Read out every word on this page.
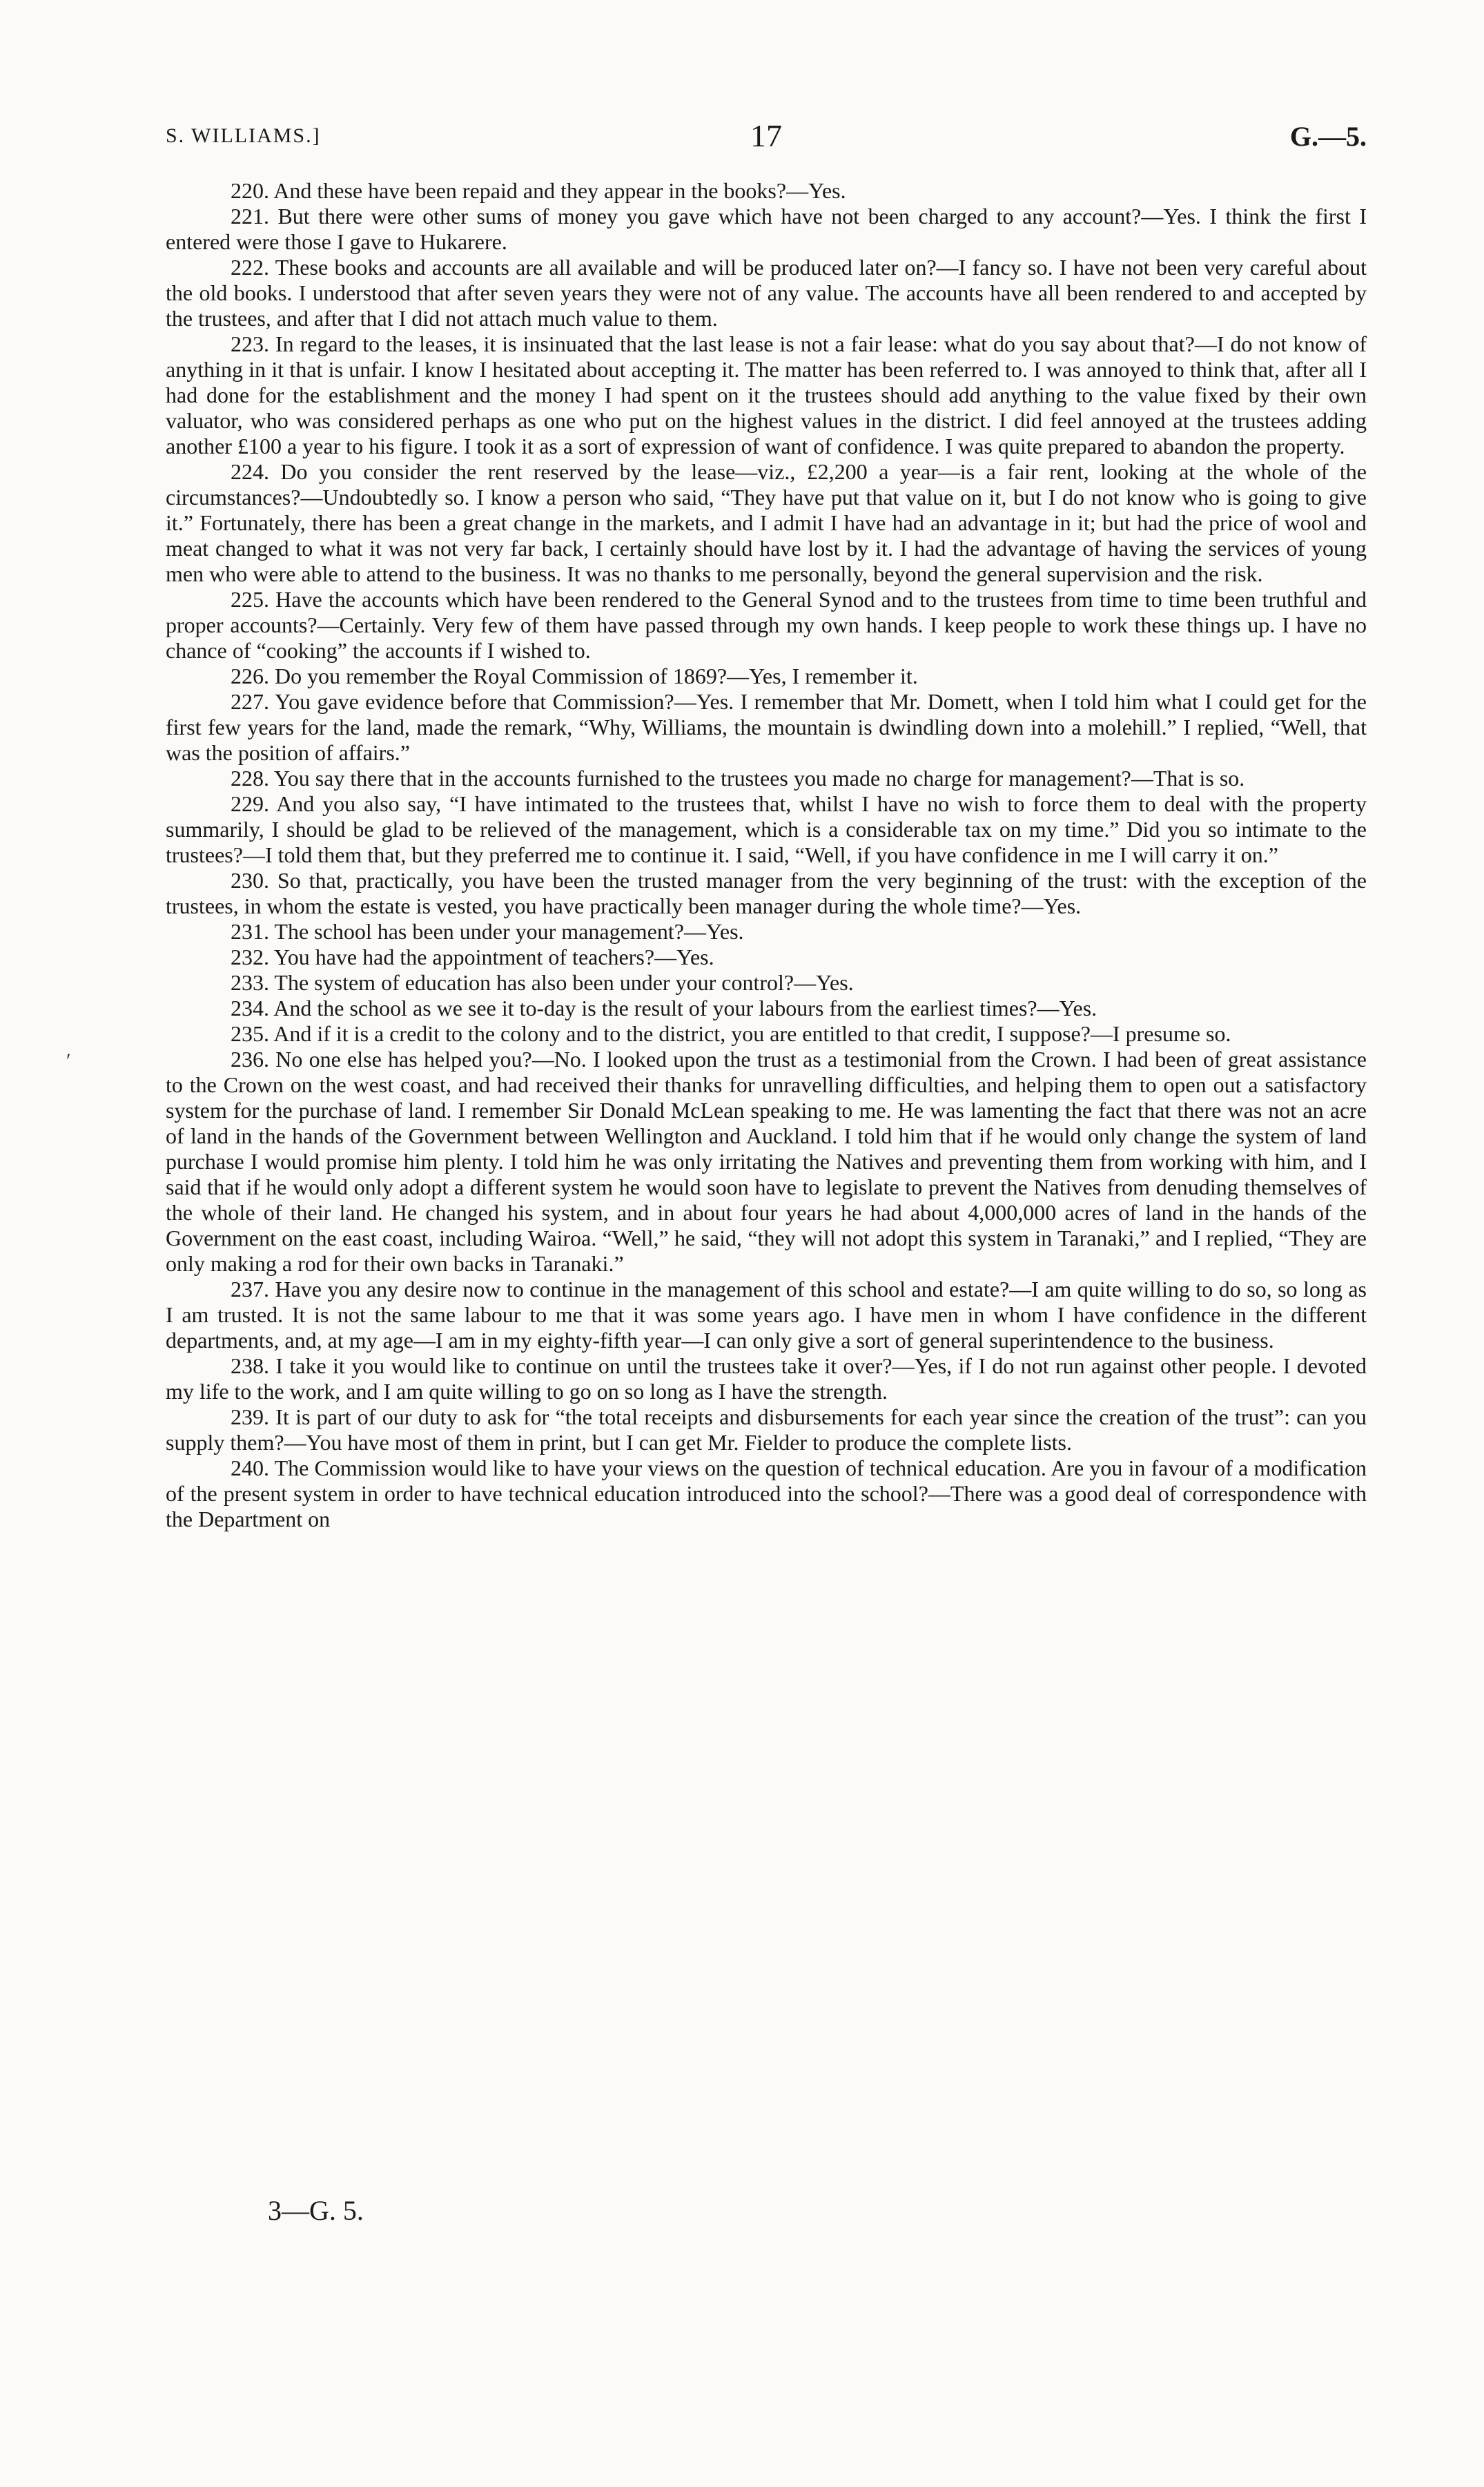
S. WILLIAMS.]	17	G.—5.

220. And these have been repaid and they appear in the books?—Yes.

221. But there were other sums of money you gave which have not been charged to any account?—Yes. I think the first I entered were those I gave to Hukarere.

222. These books and accounts are all available and will be produced later on?—I fancy so. I have not been very careful about the old books. I understood that after seven years they were not of any value. The accounts have all been rendered to and accepted by the trustees, and after that I did not attach much value to them.

223. In regard to the leases, it is insinuated that the last lease is not a fair lease: what do you say about that?—I do not know of anything in it that is unfair. I know I hesitated about accepting it. The matter has been referred to. I was annoyed to think that, after all I had done for the establishment and the money I had spent on it the trustees should add anything to the value fixed by their own valuator, who was considered perhaps as one who put on the highest values in the district. I did feel annoyed at the trustees adding another £100 a year to his figure. I took it as a sort of expression of want of confidence. I was quite prepared to abandon the property.

224. Do you consider the rent reserved by the lease—viz., £2,200 a year—is a fair rent, looking at the whole of the circumstances?—Undoubtedly so. I know a person who said, “They have put that value on it, but I do not know who is going to give it.” Fortunately, there has been a great change in the markets, and I admit I have had an advantage in it; but had the price of wool and meat changed to what it was not very far back, I certainly should have lost by it. I had the advantage of having the services of young men who were able to attend to the business. It was no thanks to me personally, beyond the general supervision and the risk.

225. Have the accounts which have been rendered to the General Synod and to the trustees from time to time been truthful and proper accounts?—Certainly. Very few of them have passed through my own hands. I keep people to work these things up. I have no chance of “cooking” the accounts if I wished to.

226. Do you remember the Royal Commission of 1869?—Yes, I remember it.

227. You gave evidence before that Commission?—Yes. I remember that Mr. Domett, when I told him what I could get for the first few years for the land, made the remark, “Why, Williams, the mountain is dwindling down into a molehill.” I replied, “Well, that was the position of affairs.”

228. You say there that in the accounts furnished to the trustees you made no charge for management?—That is so.

229. And you also say, “I have intimated to the trustees that, whilst I have no wish to force them to deal with the property summarily, I should be glad to be relieved of the management, which is a considerable tax on my time.” Did you so intimate to the trustees?—I told them that, but they preferred me to continue it. I said, “Well, if you have confidence in me I will carry it on.”

230. So that, practically, you have been the trusted manager from the very beginning of the trust: with the exception of the trustees, in whom the estate is vested, you have practically been manager during the whole time?—Yes.

231. The school has been under your management?—Yes.

232. You have had the appointment of teachers?—Yes.

233. The system of education has also been under your control?—Yes.

234. And the school as we see it to-day is the result of your labours from the earliest times?—Yes.

235. And if it is a credit to the colony and to the district, you are entitled to that credit, I suppose?—I presume so.

236. No one else has helped you?—No. I looked upon the trust as a testimonial from the Crown. I had been of great assistance to the Crown on the west coast, and had received their thanks for unravelling difficulties, and helping them to open out a satisfactory system for the purchase of land. I remember Sir Donald McLean speaking to me. He was lamenting the fact that there was not an acre of land in the hands of the Government between Wellington and Auckland. I told him that if he would only change the system of land purchase I would promise him plenty. I told him he was only irritating the Natives and preventing them from working with him, and I said that if he would only adopt a different system he would soon have to legislate to prevent the Natives from denuding themselves of the whole of their land. He changed his system, and in about four years he had about 4,000,000 acres of land in the hands of the Government on the east coast, including Wairoa. “Well,” he said, “they will not adopt this system in Taranaki,” and I replied, “They are only making a rod for their own backs in Taranaki.”

237. Have you any desire now to continue in the management of this school and estate?—I am quite willing to do so, so long as I am trusted. It is not the same labour to me that it was some years ago. I have men in whom I have confidence in the different departments, and, at my age—I am in my eighty-fifth year—I can only give a sort of general superintendence to the business.

238. I take it you would like to continue on until the trustees take it over?—Yes, if I do not run against other people. I devoted my life to the work, and I am quite willing to go on so long as I have the strength.

239. It is part of our duty to ask for “the total receipts and disbursements for each year since the creation of the trust”: can you supply them?—You have most of them in print, but I can get Mr. Fielder to produce the complete lists.

240. The Commission would like to have your views on the question of technical education. Are you in favour of a modification of the present system in order to have technical education introduced into the school?—There was a good deal of correspondence with the Department on

3—G. 5.
′
